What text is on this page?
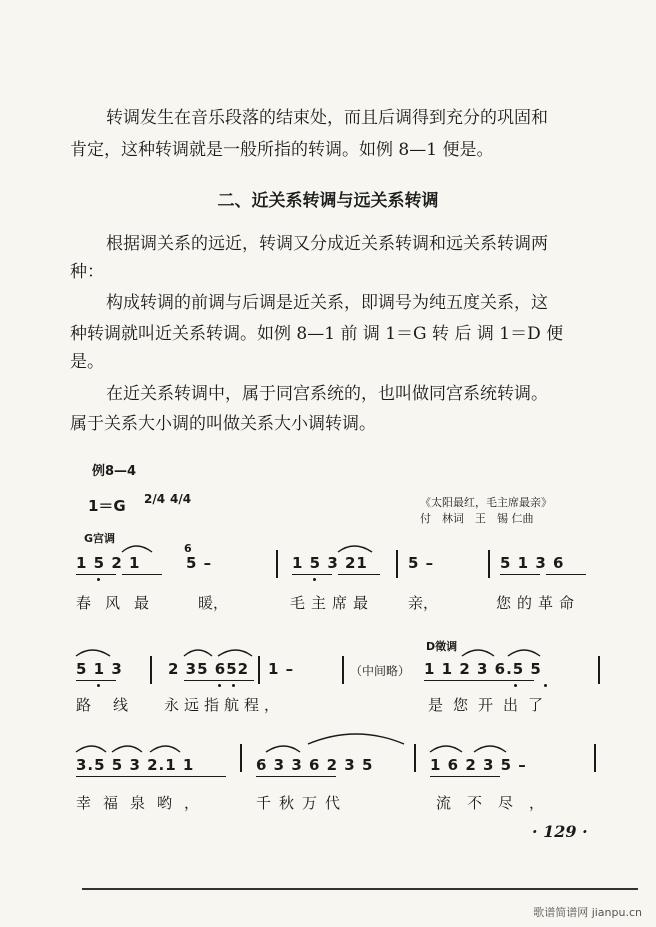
转调发生在音乐段落的结束处，而且后调得到充分的巩固和
肯定，这种转调就是一般所指的转调。如例 8—1 便是。
二、近关系转调与远关系转调
根据调关系的远近，转调又分成近关系转调和远关系转调两
种：
构成转调的前调与后调是近关系，即调号为纯五度关系，这
种转调就叫近关系转调。如例 8—1 前 调 1＝G 转 后 调 1＝D 便
是。
在近关系转调中，属于同宫系统的，也叫做同宫系统转调。
属于关系大小调的叫做关系大小调转调。
例8—4
1＝G 2/4 4/4	《太阳最红，毛主席最亲》
付　林词　王　锡 仁曲
G宫调
1 5 2 1
6
5 –	1 5 3 21	5 –	5 1 3 6
春风最 暖，	毛主席最 亲，	您的革命
D徵调
5 1 3	2 35 652 1 –	（中间略） 1 1 2 3 6.5 5
路线 永远指航程，	是您开出了
3.5 5 3 2.1 1	6 3 3 6 2 3 5	1 6 2 3 5 –
幸福泉哟，	千秋万代	流不尽，
· 129 ·
歌谱简谱网 jianpu.cn
